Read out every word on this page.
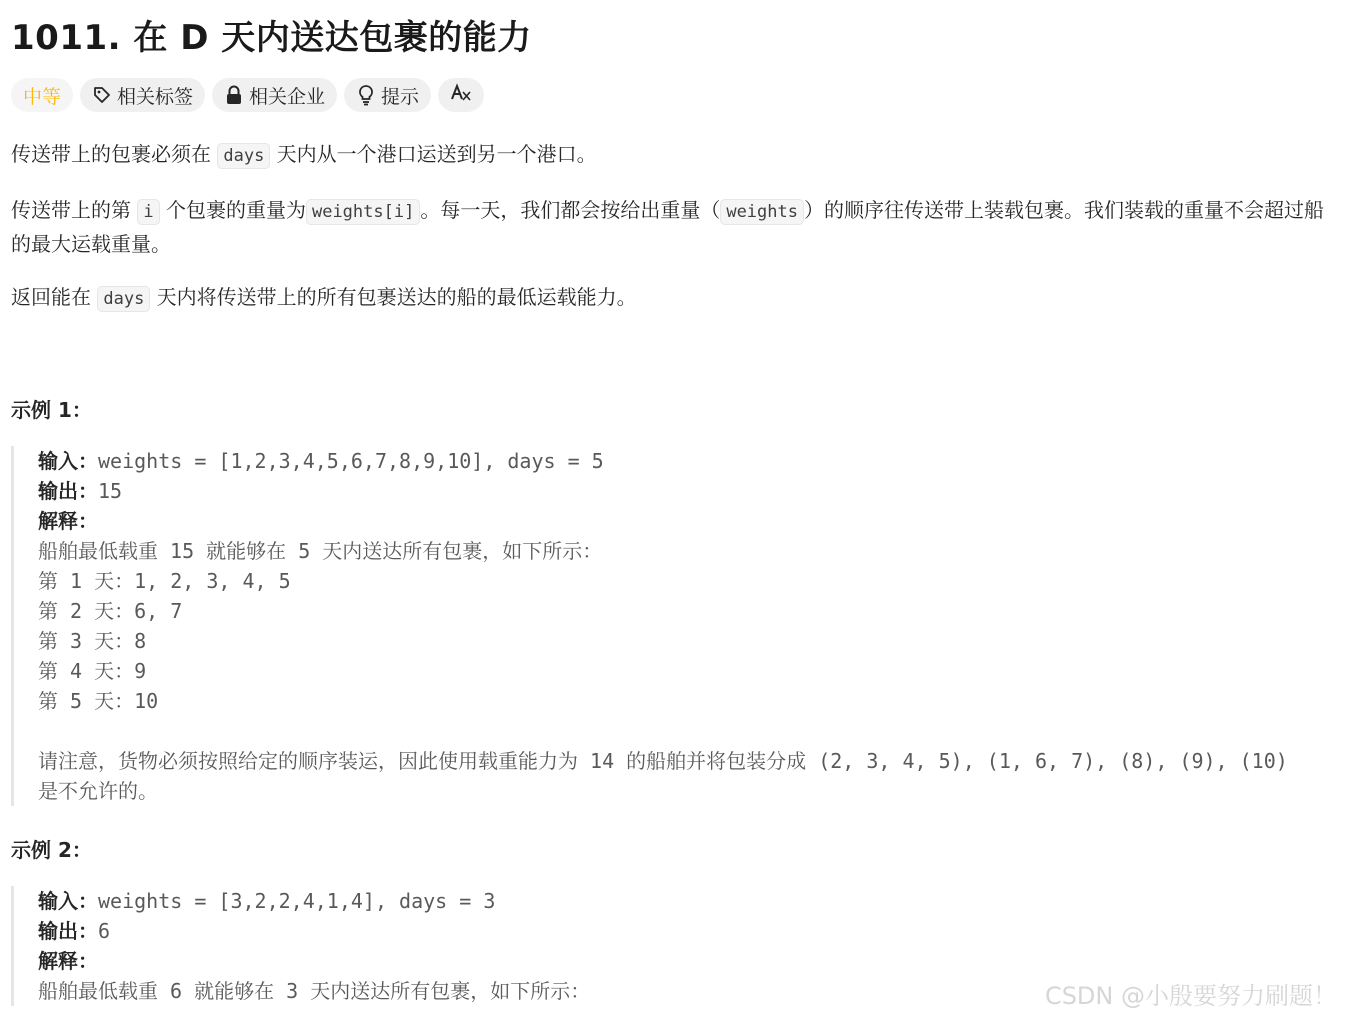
1011. 在 D 天内送达包裹的能力
中等	相关标签	相关企业	提示
传送带上的包裹必须在 days 天内从一个港口运送到另一个港口。
传送带上的第 i 个包裹的重量为 weights[i] 。每一天，我们都会按给出重量（ weights ）的顺序往传送带上装载包裹。我们装载的重量不会超过船的最大运载重量。
返回能在 days 天内将传送带上的所有包裹送达的船的最低运载能力。
示例 1：
输入：weights = [1,2,3,4,5,6,7,8,9,10], days = 5
输出：15
解释：
船舶最低载重 15 就能够在 5 天内送达所有包裹，如下所示：
第 1 天：1, 2, 3, 4, 5
第 2 天：6, 7
第 3 天：8
第 4 天：9
第 5 天：10
请注意，货物必须按照给定的顺序装运，因此使用载重能力为 14 的船舶并将包装分成 (2, 3, 4, 5), (1, 6, 7), (8), (9), (10) 是不允许的。
示例 2：
输入：weights = [3,2,2,4,1,4], days = 3
输出：6
解释：
船舶最低载重 6 就能够在 3 天内送达所有包裹，如下所示：	CSDN @小殷要努力刷题！
